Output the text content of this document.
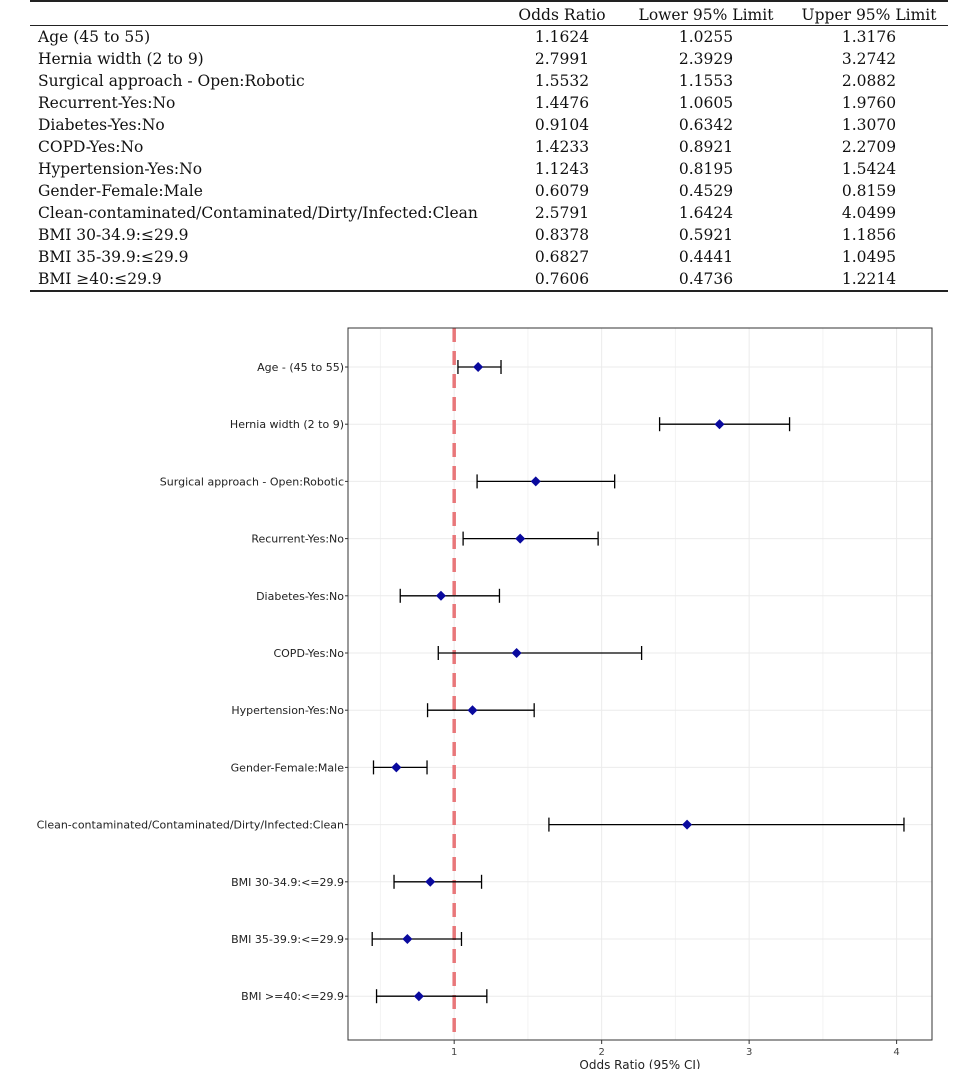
	Odds Ratio	Lower 95% Limit	Upper 95% Limit
Age (45 to 55)	1.1624	1.0255	1.3176
Hernia width (2 to 9)	2.7991	2.3929	3.2742
Surgical approach - Open:Robotic	1.5532	1.1553	2.0882
Recurrent-Yes:No	1.4476	1.0605	1.9760
Diabetes-Yes:No	0.9104	0.6342	1.3070
COPD-Yes:No	1.4233	0.8921	2.2709
Hypertension-Yes:No	1.1243	0.8195	1.5424
Gender-Female:Male	0.6079	0.4529	0.8159
Clean-contaminated/Contaminated/Dirty/Infected:Clean	2.5791	1.6424	4.0499
BMI 30-34.9:≤29.9	0.8378	0.5921	1.1856
BMI 35-39.9:≤29.9	0.6827	0.4441	1.0495
BMI ≥40:≤29.9	0.7606	0.4736	1.2214
Age - (45 to 55)
Hernia width (2 to 9)
Surgical approach - Open:Robotic
Recurrent-Yes:No
Diabetes-Yes:No
COPD-Yes:No
Hypertension-Yes:No
Gender-Female:Male
Clean-contaminated/Contaminated/Dirty/Infected:Clean
BMI 30-34.9:<=29.9
BMI 35-39.9:<=29.9
BMI >=40:<=29.9
1	2	3	4
Odds Ratio (95% CI)
